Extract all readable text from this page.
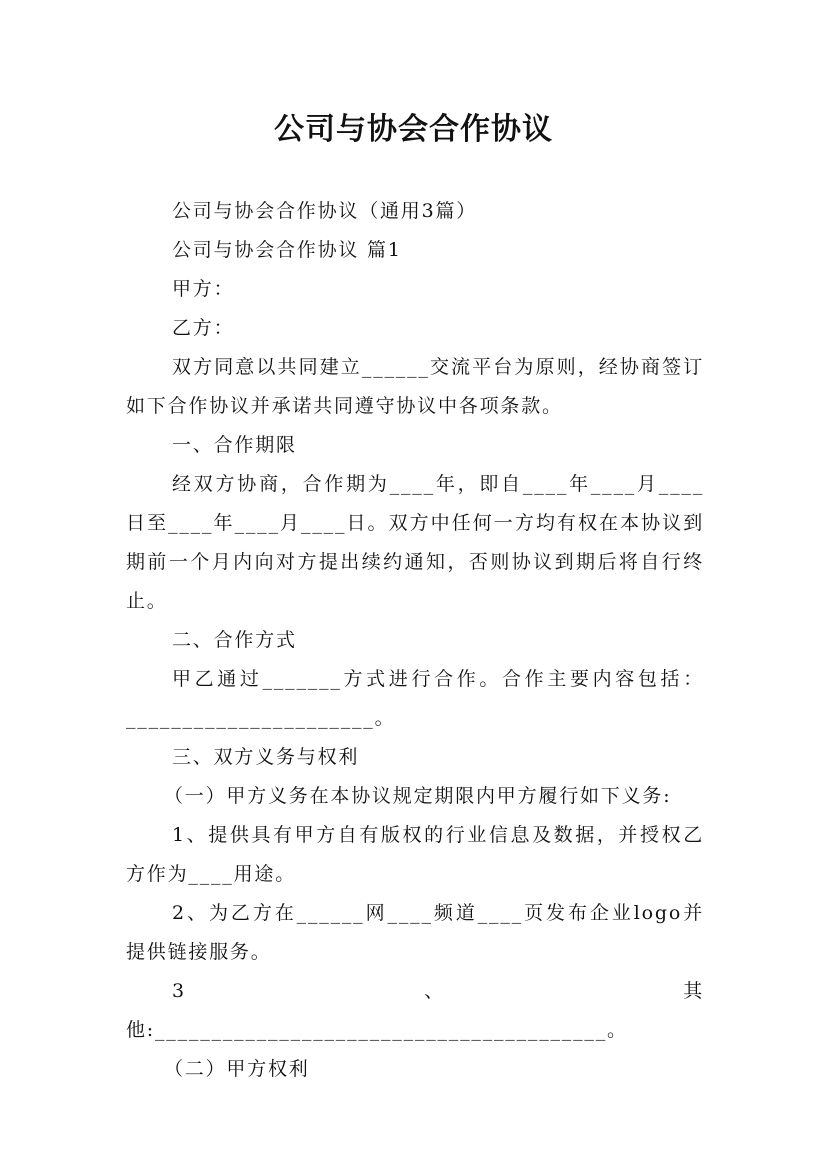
公司与协会合作协议

公司与协会合作协议（通用3篇）

公司与协会合作协议 篇1

甲方：

乙方：

双方同意以共同建立______交流平台为原则，经协商签订如下合作协议并承诺共同遵守协议中各项条款。

一、合作期限

经双方协商，合作期为____年，即自____年____月____日至____年____月____日。双方中任何一方均有权在本协议到期前一个月内向对方提出续约通知，否则协议到期后将自行终止。

二、合作方式

甲乙通过_______方式进行合作。合作主要内容包括：______________________。

三、双方义务与权利

（一）甲方义务在本协议规定期限内甲方履行如下义务:

1、提供具有甲方自有版权的行业信息及数据，并授权乙方作为____用途。

2、为乙方在______网____频道____页发布企业logo并提供链接服务。

3、其他:________________________________________。

（二）甲方权利
